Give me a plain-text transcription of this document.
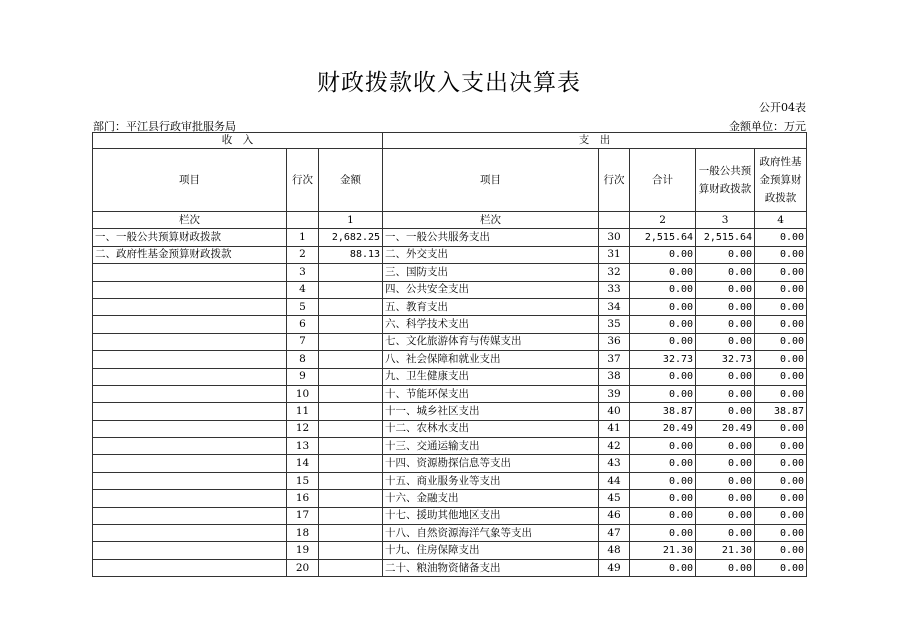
财政拨款收入支出决算表
公开04表
部门：平江县行政审批服务局	金额单位：万元
收　入			支　出				
项目	行次	金额	项目	行次	合计	一般公共预算财政拨款	政府性基金预算财政拨款
栏次		1	栏次		2	3	4
一、一般公共预算财政拨款	1	2,682.25	一、一般公共服务支出	30	2,515.64	2,515.64	0.00
二、政府性基金预算财政拨款	2	88.13	二、外交支出	31	0.00	0.00	0.00
	3		三、国防支出	32	0.00	0.00	0.00
	4		四、公共安全支出	33	0.00	0.00	0.00
	5		五、教育支出	34	0.00	0.00	0.00
	6		六、科学技术支出	35	0.00	0.00	0.00
	7		七、文化旅游体育与传媒支出	36	0.00	0.00	0.00
	8		八、社会保障和就业支出	37	32.73	32.73	0.00
	9		九、卫生健康支出	38	0.00	0.00	0.00
	10		十、节能环保支出	39	0.00	0.00	0.00
	11		十一、城乡社区支出	40	38.87	0.00	38.87
	12		十二、农林水支出	41	20.49	20.49	0.00
	13		十三、交通运输支出	42	0.00	0.00	0.00
	14		十四、资源勘探信息等支出	43	0.00	0.00	0.00
	15		十五、商业服务业等支出	44	0.00	0.00	0.00
	16		十六、金融支出	45	0.00	0.00	0.00
	17		十七、援助其他地区支出	46	0.00	0.00	0.00
	18		十八、自然资源海洋气象等支出	47	0.00	0.00	0.00
	19		十九、住房保障支出	48	21.30	21.30	0.00
	20		二十、粮油物资储备支出	49	0.00	0.00	0.00
